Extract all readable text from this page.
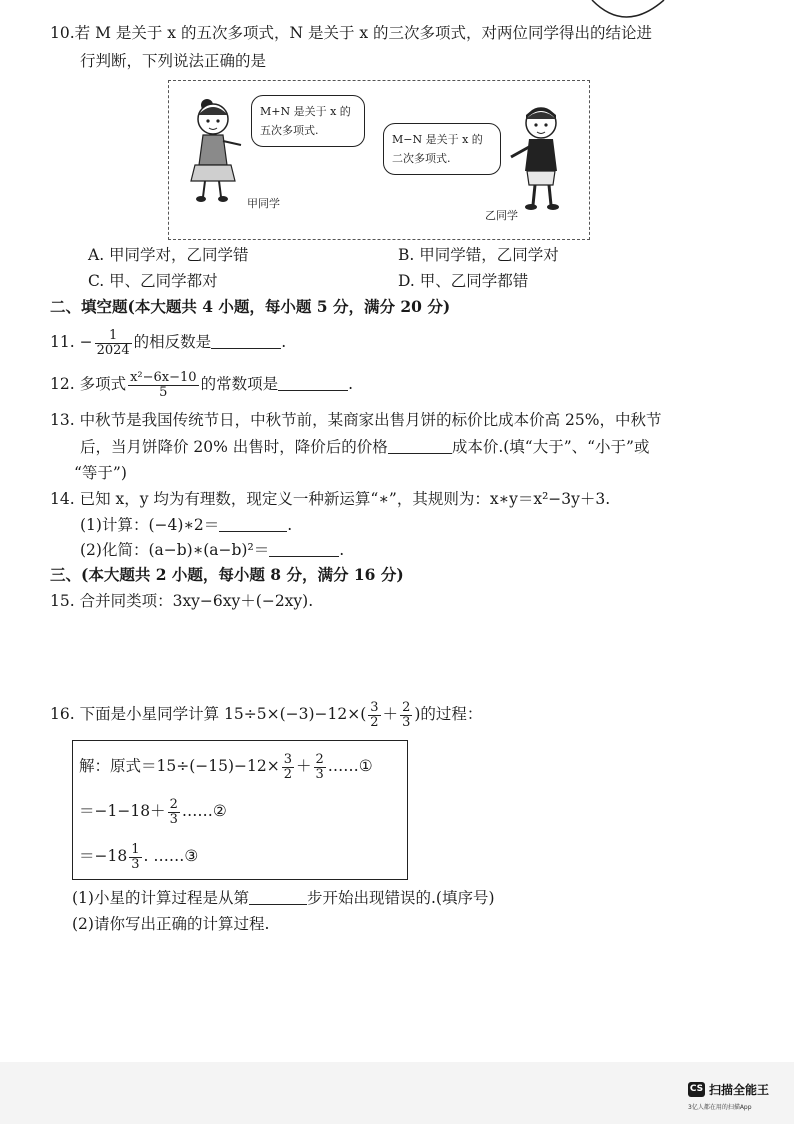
10.若 M 是关于 x 的五次多项式，N 是关于 x 的三次多项式，对两位同学得出的结论进
行判断，下列说法正确的是
甲同学
M+N 是关于 x 的
五次多项式.
M−N 是关于 x 的
二次多项式.
乙同学
A. 甲同学对，乙同学错	B. 甲同学错，乙同学对
C. 甲、乙同学都对	D. 甲、乙同学都错
二、填空题(本大题共 4 小题，每小题 5 分，满分 20 分)
11. − $\frac{1}{2024}$ 的相反数是	.
12. 多项式 $\frac{\text{x²−6x−10}}{5}$ 的常数项是	.
13. 中秋节是我国传统节日，中秋节前，某商家出售月饼的标价比成本价高 25%，中秋节
后，当月饼降价 20% 出售时，降价后的价格	成本价.(填“大于”、“小于”或
“等于”)
14. 已知 x，y 均为有理数，现定义一种新运算“∗”，其规则为：x∗y＝x²−3y＋3.
(1)计算：(−4)∗2＝	.
(2)化简：(a−b)∗(a−b)²＝	.
三、(本大题共 2 小题，每小题 8 分，满分 16 分)
15. 合并同类项：3xy−6xy＋(−2xy).
16. 下面是小星同学计算 $15\div 5\times(-3)-12\times( \frac{3}{2} + \frac{2}{3}$ )的过程：
解：原式$=15\div(-15)-12\times \frac{3}{2} + \frac{2}{3}$ ……①
$=-1-18+ \frac{2}{3}$ ……②
$=-18 \frac{1}{3}$ . ……③
(1)小星的计算过程是从第	步开始出现错误的.(填序号)
(2)请你写出正确的计算过程.
CS 扫描全能王
3亿人都在用的扫描App
